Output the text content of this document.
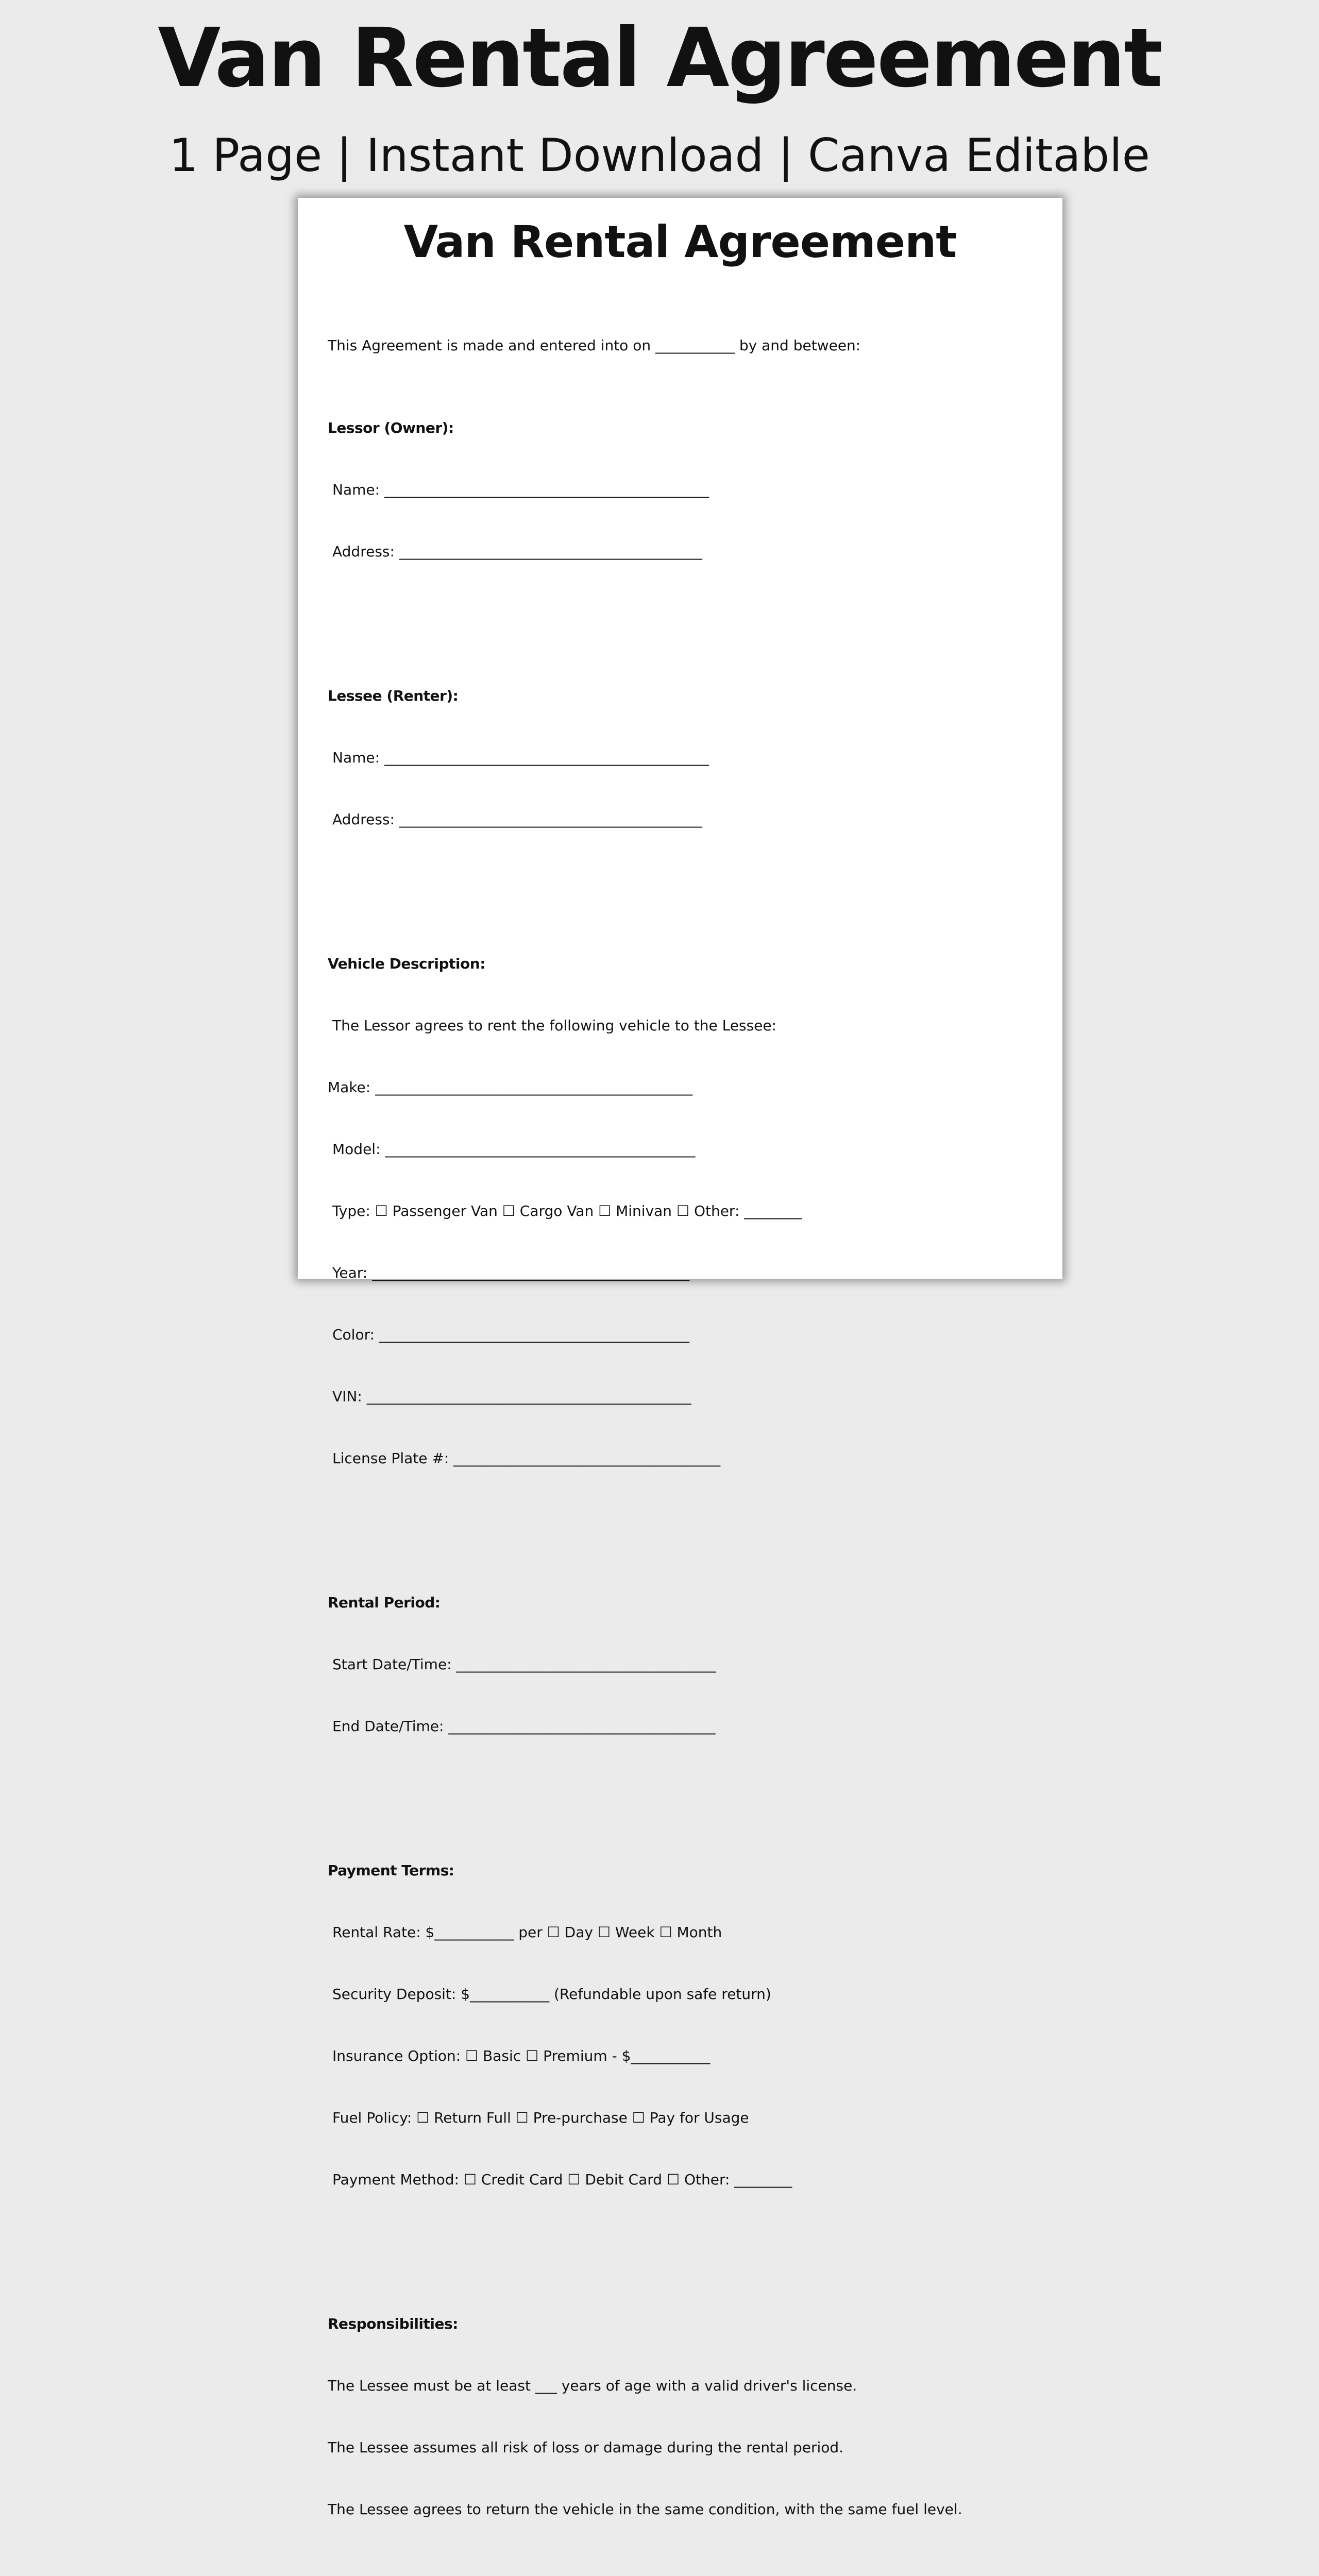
Van Rental Agreement
1 Page | Instant Download | Canva Editable
Van Rental Agreement

This Agreement is made and entered into on ___________ by and between:

Lessor (Owner):

Name: _____________________________________________

Address: __________________________________________

Lessee (Renter):

Name: _____________________________________________

Address: __________________________________________

Vehicle Description:

The Lessor agrees to rent the following vehicle to the Lessee:

Make: ____________________________________________

Model: ___________________________________________

Type: ☐ Passenger Van ☐ Cargo Van ☐ Minivan ☐ Other: ________

Year: ____________________________________________

Color: ___________________________________________

VIN: _____________________________________________

License Plate #: _____________________________________

Rental Period:

Start Date/Time: ____________________________________

End Date/Time: _____________________________________

Payment Terms:

Rental Rate: $___________ per ☐ Day ☐ Week ☐ Month

Security Deposit: $___________ (Refundable upon safe return)

Insurance Option: ☐ Basic ☐ Premium - $___________

Fuel Policy: ☐ Return Full ☐ Pre-purchase ☐ Pay for Usage

Payment Method: ☐ Credit Card ☐ Debit Card ☐ Other: ________

Responsibilities:

The Lessee must be at least ___ years of age with a valid driver's license.

The Lessee assumes all risk of loss or damage during the rental period.

The Lessee agrees to return the vehicle in the same condition, with the same fuel level.
